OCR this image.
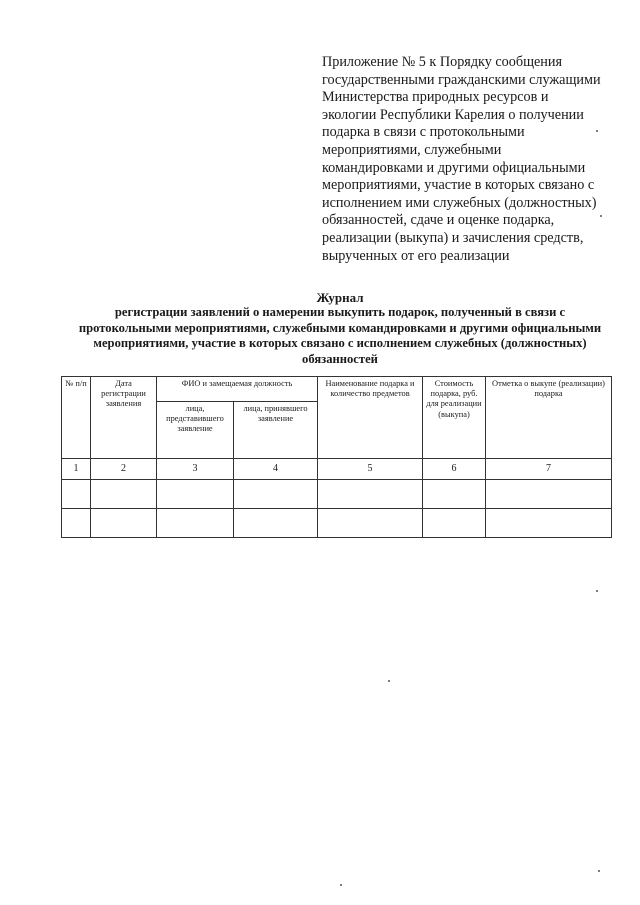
Приложение № 5 к Порядку сообщения
государственными гражданскими служащими
Министерства природных ресурсов и
экологии Республики Карелия о получении
подарка в связи с протокольными
мероприятиями, служебными
командировками и другими официальными
мероприятиями, участие в которых связано с
исполнением ими служебных (должностных)
обязанностей, сдаче и оценке подарка,
реализации (выкупа) и зачисления средств,
вырученных от его реализации
Журнал
регистрации заявлений о намерении выкупить подарок, полученный в связи с
протокольными мероприятиями, служебными командировками и другими официальными
мероприятиями, участие в которых связано с исполнением служебных (должностных)
обязанностей
№ п/п	Дата регистрации заявления	ФИО и замещаемая должность		Наименование подарка и количество предметов	Стоимость подарка, руб. для реализации (выкупа)	Отметка о выкупе (реализации) подарка
		лица, представившего заявление	лица, принявшего заявление			
1	2	3	4	5	6	7
